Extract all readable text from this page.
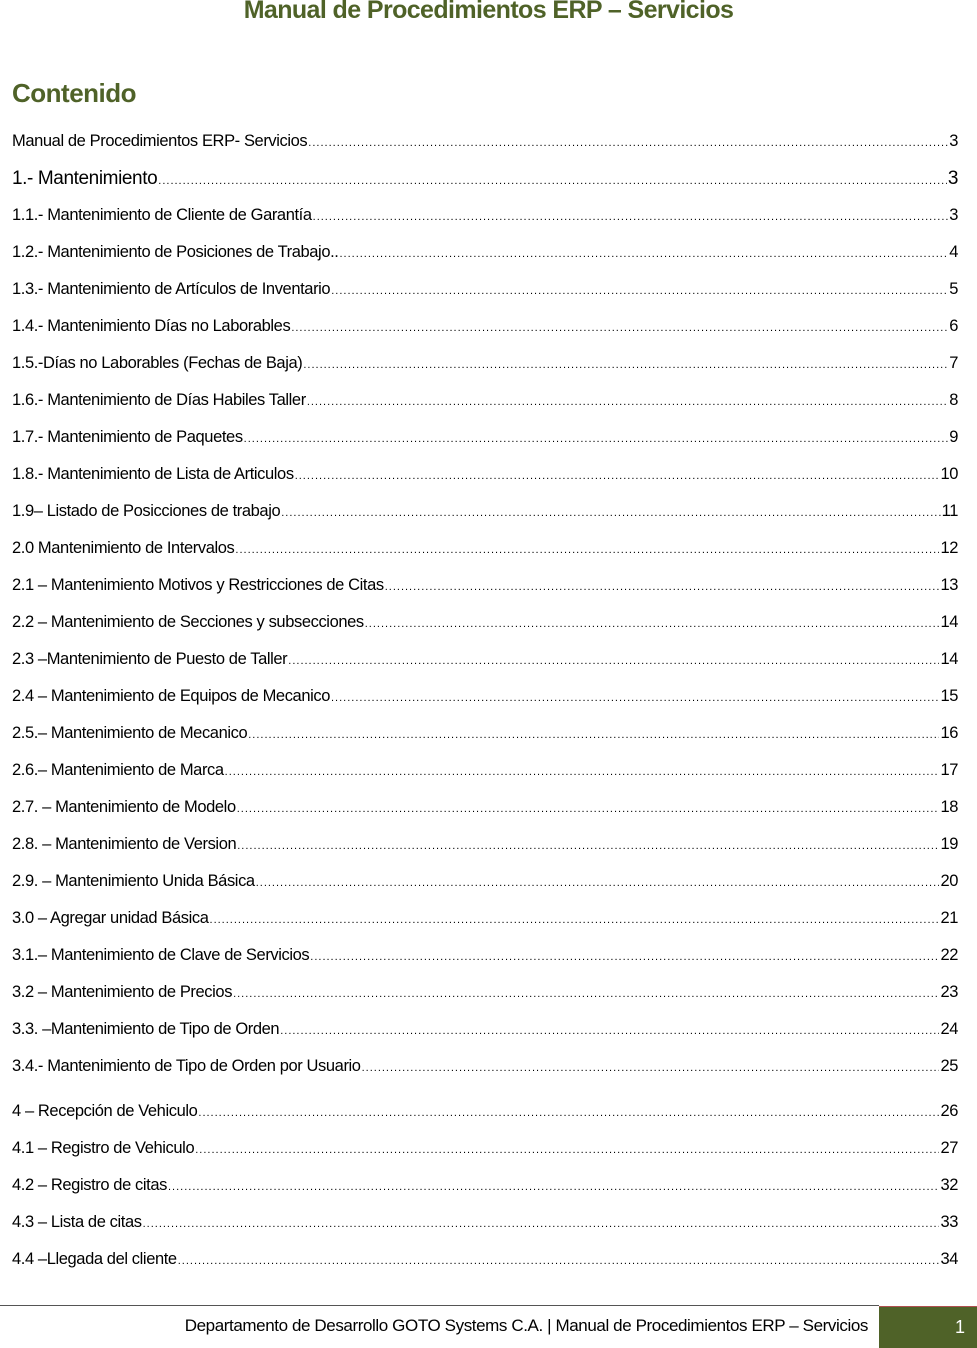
Manual de Procedimientos ERP – Servicios
Contenido
Manual de Procedimientos ERP- Servicios .....	3
1.- Mantenimiento .....	3
1.1.- Mantenimiento de Cliente de Garantía .....	3
1.2.- Mantenimiento de Posiciones de Trabajo.. .....	4
1.3.- Mantenimiento de Artículos de Inventario .....	5
1.4.- Mantenimiento Días no Laborables .....	6
1.5.-Días no Laborables (Fechas de Baja) .....	7
1.6.- Mantenimiento de Días Habiles Taller .....	8
1.7.- Mantenimiento de Paquetes .....	9
1.8.- Mantenimiento de Lista de Articulos .....	10
1.9– Listado de Posicciones de trabajo .....	11
2.0 Mantenimiento de Intervalos .....	12
2.1 – Mantenimiento Motivos y Restricciones de Citas .....	13
2.2 – Mantenimiento de Secciones y subsecciones .....	14
2.3 –Mantenimiento de Puesto de Taller .....	14
2.4 – Mantenimiento de Equipos de Mecanico .....	15
2.5.– Mantenimiento de Mecanico .....	16
2.6.– Mantenimiento de Marca .....	17
2.7. – Mantenimiento de Modelo .....	18
2.8. – Mantenimiento de Version .....	19
2.9. – Mantenimiento Unida Básica .....	20
3.0 – Agregar unidad Básica .....	21
3.1.– Mantenimiento de Clave de Servicios .....	22
3.2 – Mantenimiento de Precios .....	23
3.3. –Mantenimiento de Tipo de Orden .....	24
3.4.- Mantenimiento de Tipo de Orden por Usuario .....	25
4 – Recepción de Vehiculo .....	26
4.1 – Registro de Vehiculo .....	27
4.2 – Registro de citas .....	32
4.3 – Lista de citas .....	33
4.4 –Llegada del cliente .....	34
Departamento de Desarrollo GOTO Systems C.A. | Manual de Procedimientos ERP – Servicios	1
